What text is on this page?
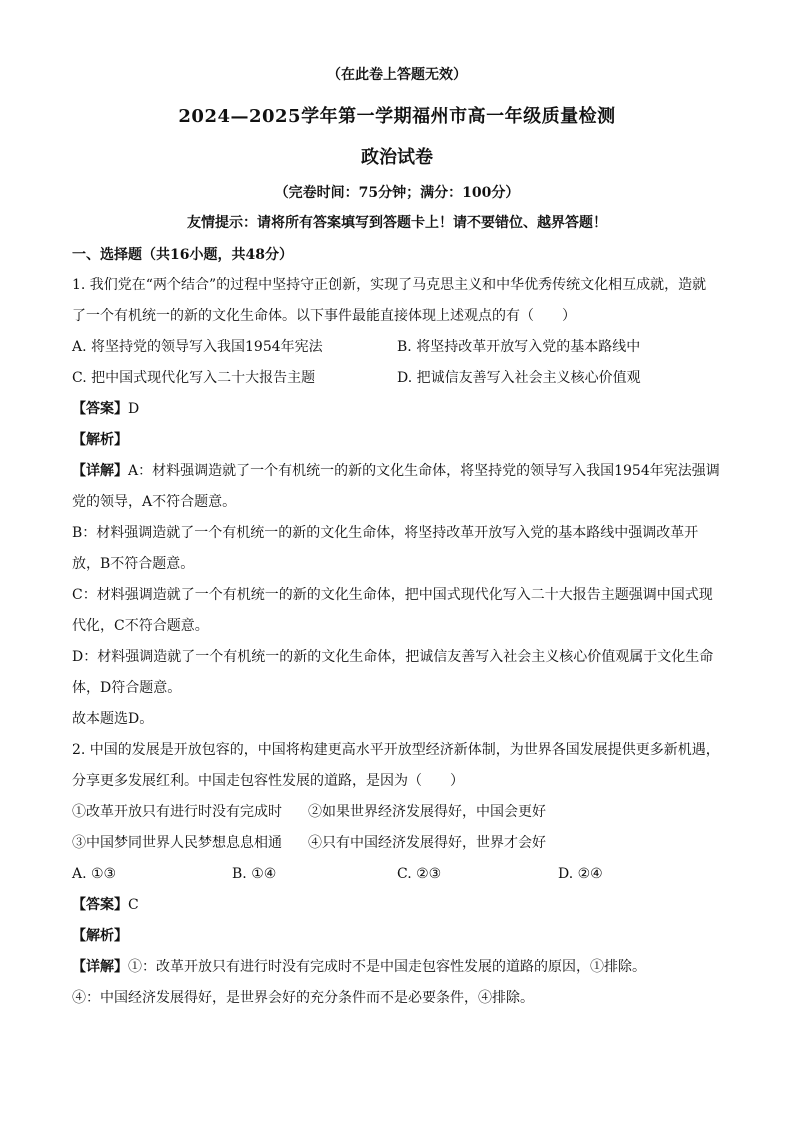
（在此卷上答题无效）
2024—2025学年第一学期福州市高一年级质量检测
政治试卷
（完卷时间：75分钟；满分：100分）
友情提示：请将所有答案填写到答题卡上！请不要错位、越界答题！
一、选择题（共16小题，共48分）
1. 我们党在“两个结合”的过程中坚持守正创新，实现了马克思主义和中华优秀传统文化相互成就，造就
了一个有机统一的新的文化生命体。以下事件最能直接体现上述观点的有（　　）
A. 将坚持党的领导写入我国1954年宪法	B. 将坚持改革开放写入党的基本路线中
C. 把中国式现代化写入二十大报告主题	D. 把诚信友善写入社会主义核心价值观
【答案】D
【解析】
【详解】A：材料强调造就了一个有机统一的新的文化生命体，将坚持党的领导写入我国1954年宪法强调
党的领导，A不符合题意。
B：材料强调造就了一个有机统一的新的文化生命体，将坚持改革开放写入党的基本路线中强调改革开
放，B不符合题意。
C：材料强调造就了一个有机统一的新的文化生命体，把中国式现代化写入二十大报告主题强调中国式现
代化，C不符合题意。
D：材料强调造就了一个有机统一的新的文化生命体，把诚信友善写入社会主义核心价值观属于文化生命
体，D符合题意。
故本题选D。
2. 中国的发展是开放包容的，中国将构建更高水平开放型经济新体制，为世界各国发展提供更多新机遇，
分享更多发展红利。中国走包容性发展的道路，是因为（　　）
①改革开放只有进行时没有完成时 ②如果世界经济发展得好，中国会更好
③中国梦同世界人民梦想息息相通 ④只有中国经济发展得好，世界才会好
A. ①③	B. ①④	C. ②③	D. ②④
【答案】C
【解析】
【详解】①：改革开放只有进行时没有完成时不是中国走包容性发展的道路的原因，①排除。
④：中国经济发展得好，是世界会好的充分条件而不是必要条件，④排除。
